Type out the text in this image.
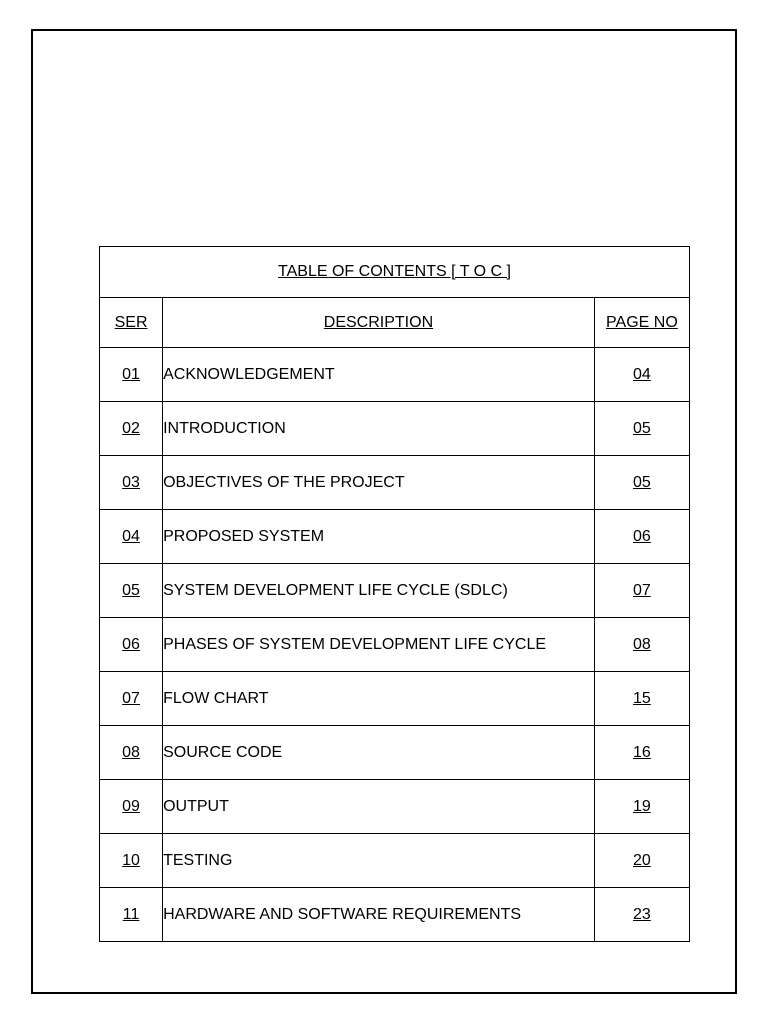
TABLE OF CONTENTS [ T O C ]		
SER	DESCRIPTION	PAGE NO
01	ACKNOWLEDGEMENT	04
02	INTRODUCTION	05
03	OBJECTIVES OF THE PROJECT	05
04	PROPOSED SYSTEM	06
05	SYSTEM DEVELOPMENT LIFE CYCLE (SDLC)	07
06	PHASES OF SYSTEM DEVELOPMENT LIFE CYCLE	08
07	FLOW CHART	15
08	SOURCE CODE	16
09	OUTPUT	19
10	TESTING	20
11	HARDWARE AND SOFTWARE REQUIREMENTS	23
